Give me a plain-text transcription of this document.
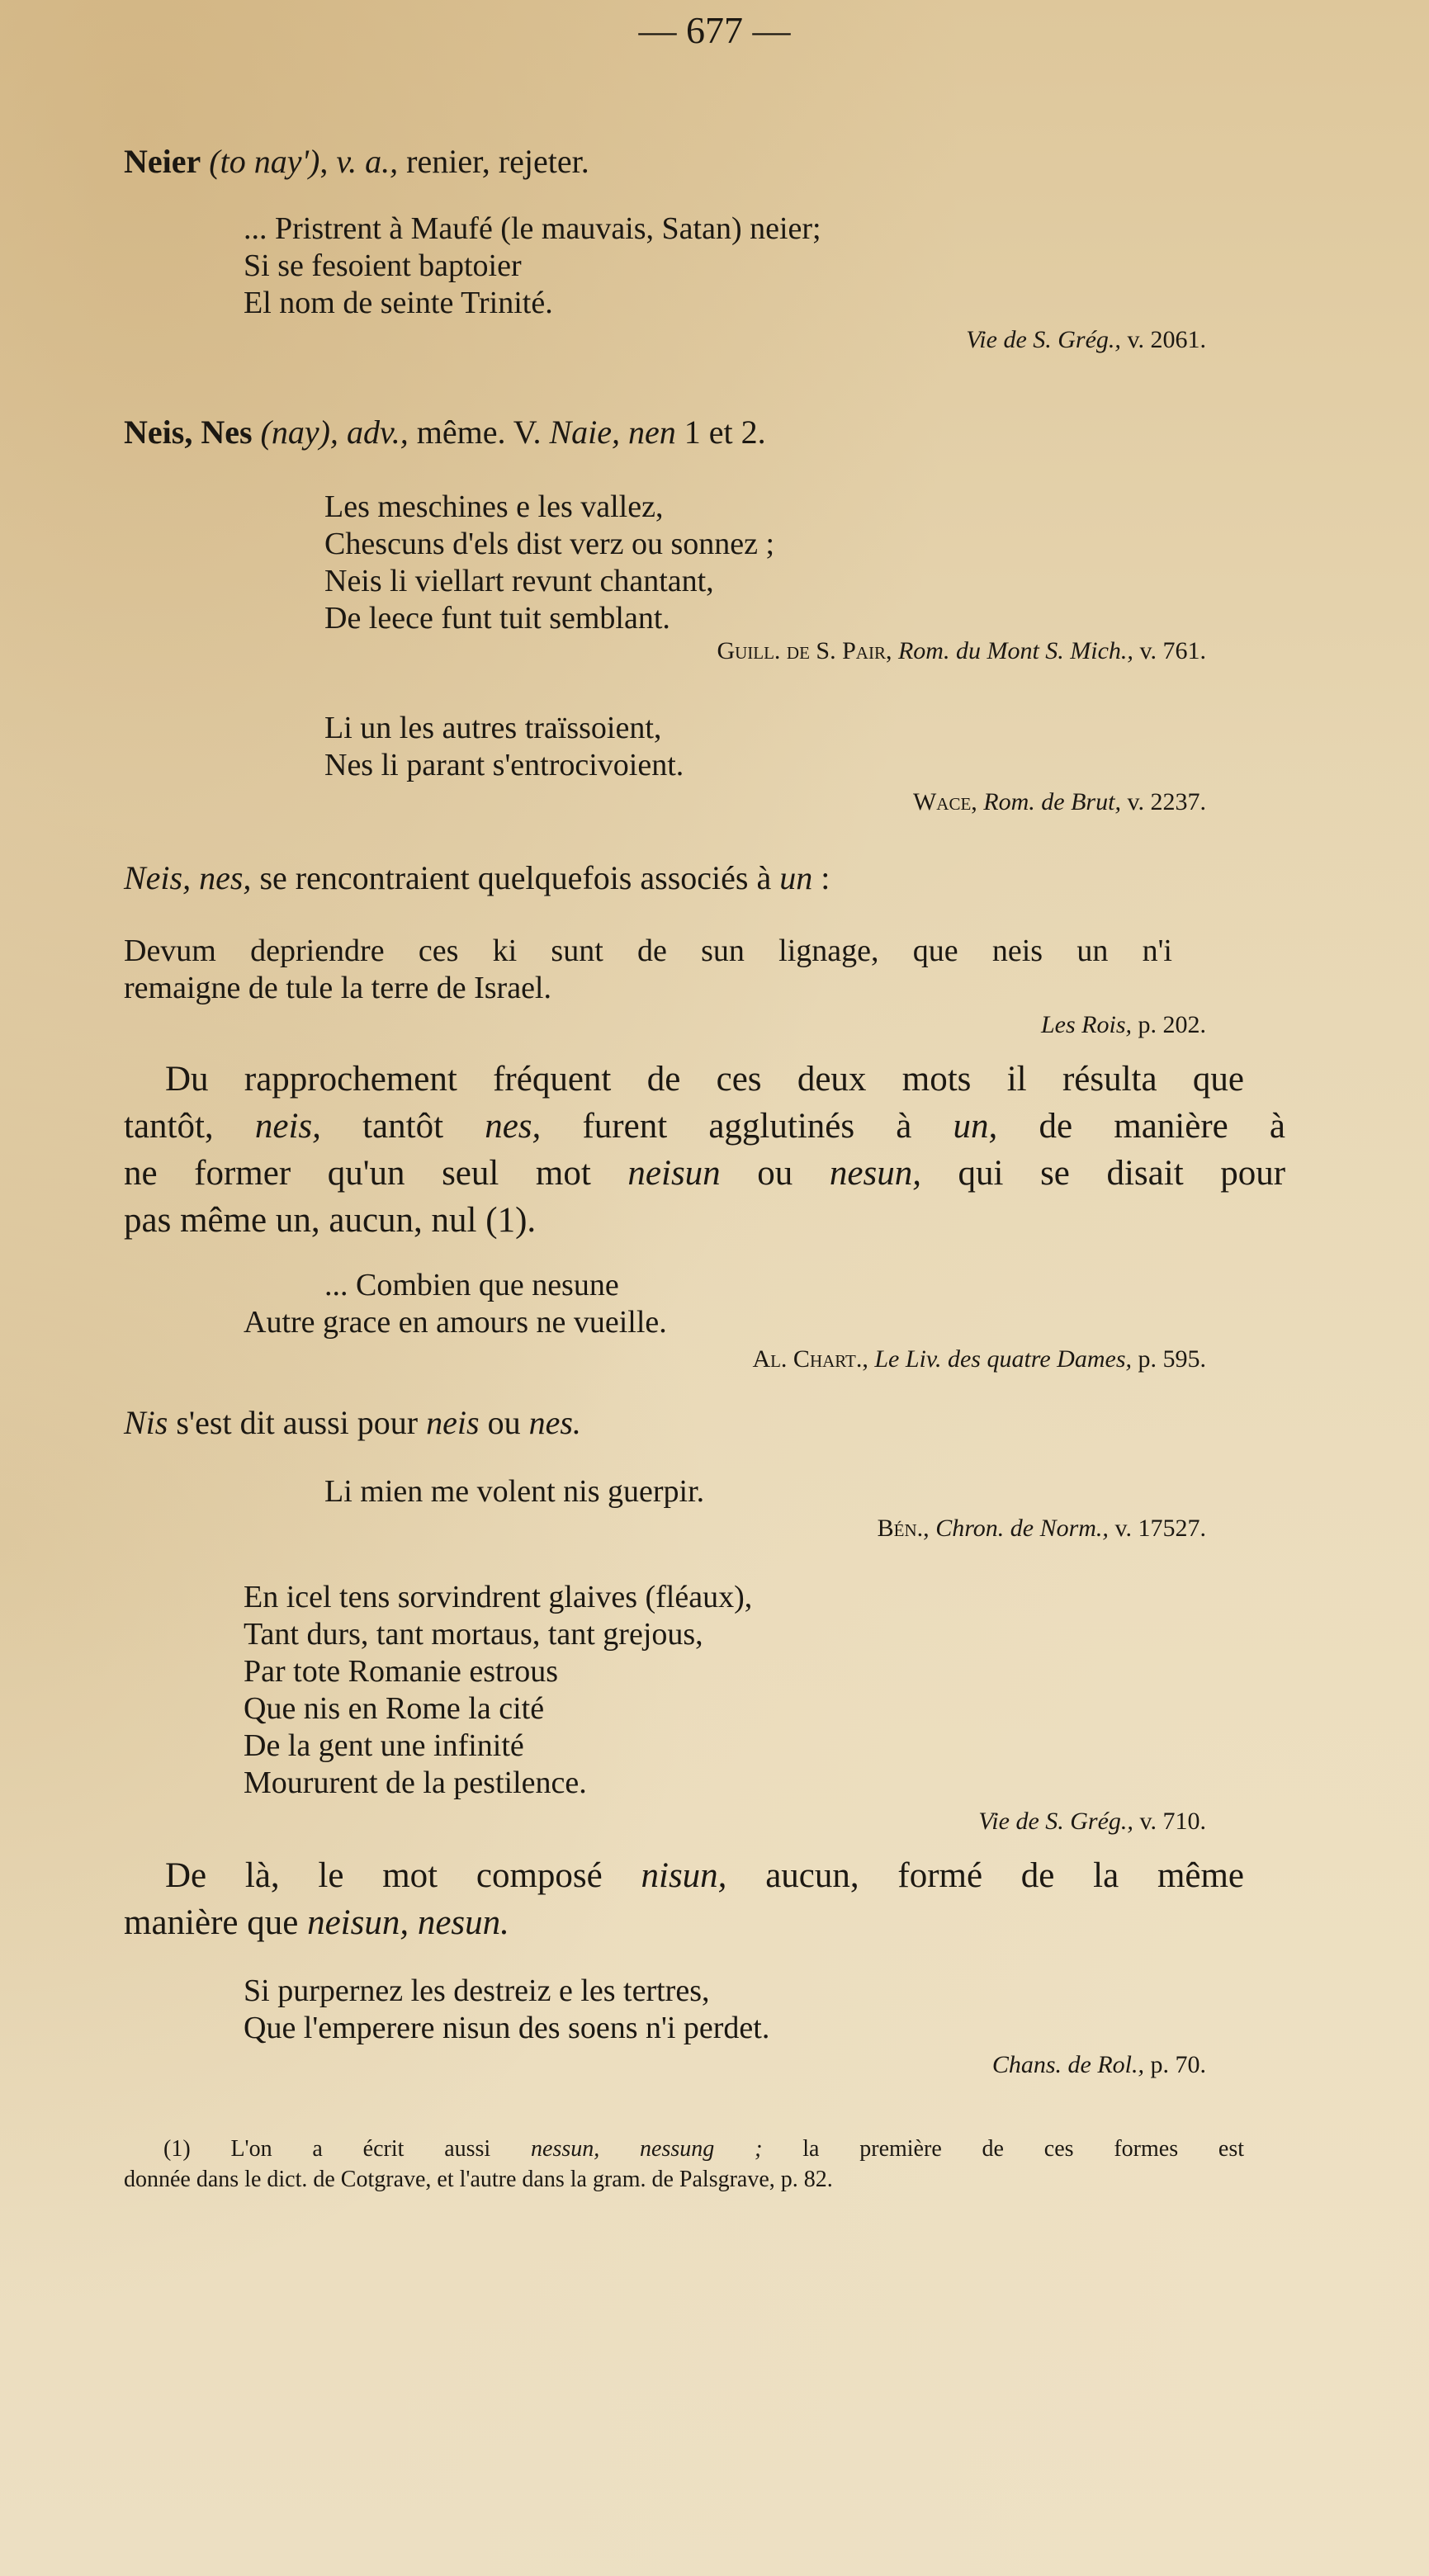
— 677 —
Neier (to nay'), v. a., renier, rejeter.
... Pristrent à Maufé (le mauvais, Satan) neier;
Si se fesoient baptoier
El nom de seinte Trinité.
Vie de S. Grég., v. 2061.
Neis, Nes (nay), adv., même. V. Naie, nen 1 et 2.
Les meschines e les vallez,
Chescuns d'els dist verz ou sonnez ;
Neis li viellart revunt chantant,
De leece funt tuit semblant.
Guill. de S. Pair, Rom. du Mont S. Mich., v. 761.
Li un les autres traïssoient,
Nes li parant s'entrocivoient.
Wace, Rom. de Brut, v. 2237.
Neis, nes, se rencontraient quelquefois associés à un :
Devum depriendre ces ki sunt de sun lignage, que neis un n'i
remaigne de tule la terre de Israel.
Les Rois, p. 202.
Du rapprochement fréquent de ces deux mots il résulta que
tantôt, neis, tantôt nes, furent agglutinés à un, de manière à
ne former qu'un seul mot neisun ou nesun, qui se disait pour
pas même un, aucun, nul (1).
... Combien que nesune
Autre grace en amours ne vueille.
Al. Chart., Le Liv. des quatre Dames, p. 595.
Nis s'est dit aussi pour neis ou nes.
Li mien me volent nis guerpir.
Bén., Chron. de Norm., v. 17527.
En icel tens sorvindrent glaives (fléaux),
Tant durs, tant mortaus, tant grejous,
Par tote Romanie estrous
Que nis en Rome la cité
De la gent une infinité
Moururent de la pestilence.
Vie de S. Grég., v. 710.
De là, le mot composé nisun, aucun, formé de la même
manière que neisun, nesun.
Si purpernez les destreiz e les tertres,
Que l'emperere nisun des soens n'i perdet.
Chans. de Rol., p. 70.
(1) L'on a écrit aussi nessun, nessung ; la première de ces formes est
donnée dans le dict. de Cotgrave, et l'autre dans la gram. de Palsgrave, p. 82.
